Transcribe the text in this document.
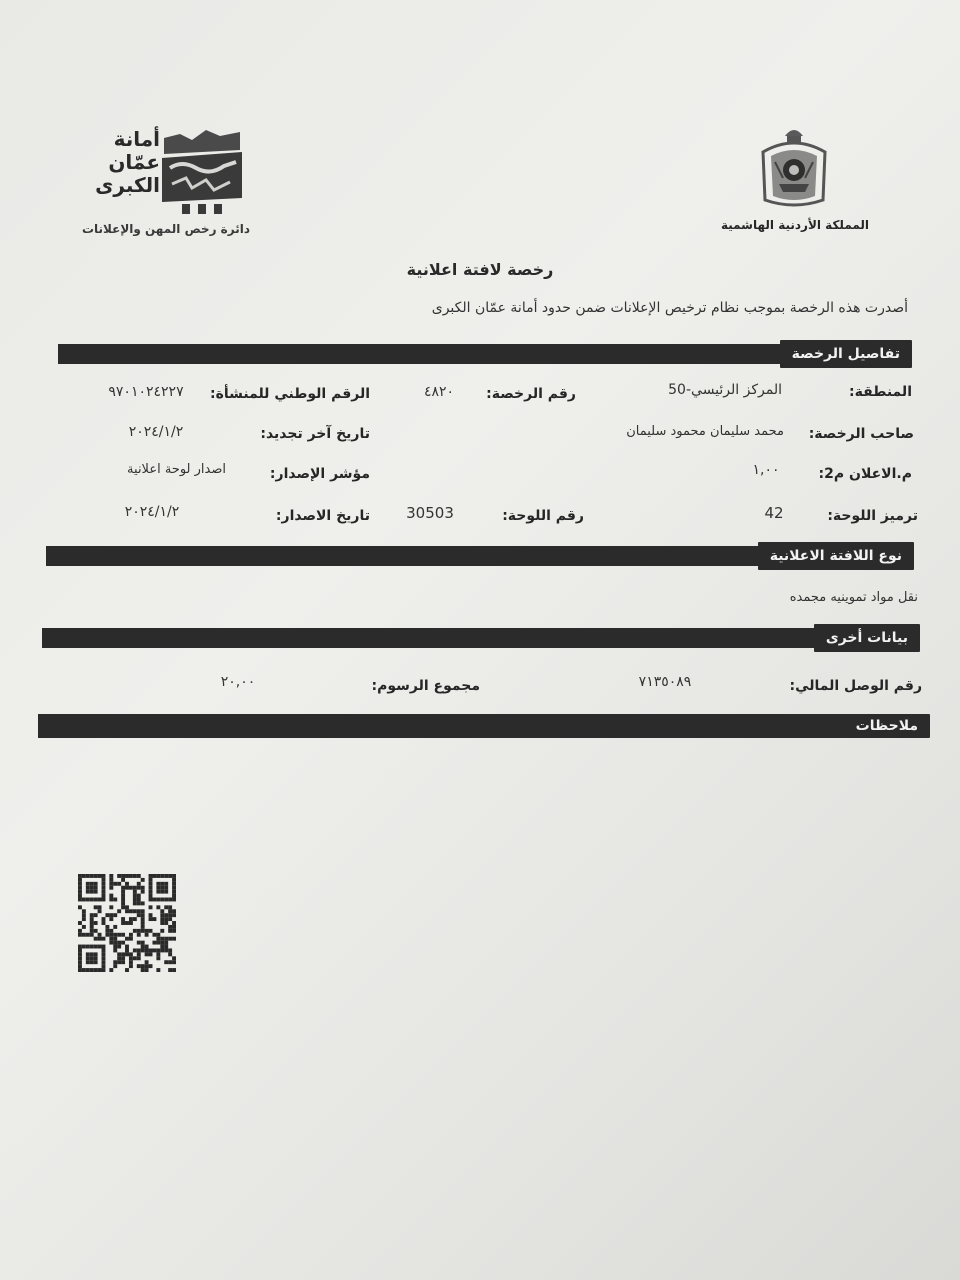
أمانة
عمّان
الكبرى
دائرة رخص المهن والإعلانات	المملكة الأردنية الهاشمية
رخصة لافتة اعلانية
أصدرت هذه الرخصة بموجب نظام ترخيص الإعلانات ضمن حدود أمانة عمّان الكبرى
تفاصيل الرخصة
المنطقة:
المركز الرئيسي-50
رقم الرخصة:
٤٨٢٠
الرقم الوطني للمنشأة:
٩٧٠١٠٢٤٢٢٧
صاحب الرخصة:
محمد سليمان محمود سليمان
تاريخ آخر تجديد:
٢٠٢٤/١/٢
م.الاعلان م2:
١,٠٠
مؤشر الإصدار:
اصدار لوحة اعلانية
ترميز اللوحة:
42
رقم اللوحة:
30503
تاريخ الاصدار:
٢٠٢٤/١/٢
نوع اللافتة الاعلانية
نقل مواد تموينيه مجمده
بيانات أخرى
رقم الوصل المالي:
٧١٣٥٠٨٩
مجموع الرسوم:
٢٠,٠٠
ملاحظات
